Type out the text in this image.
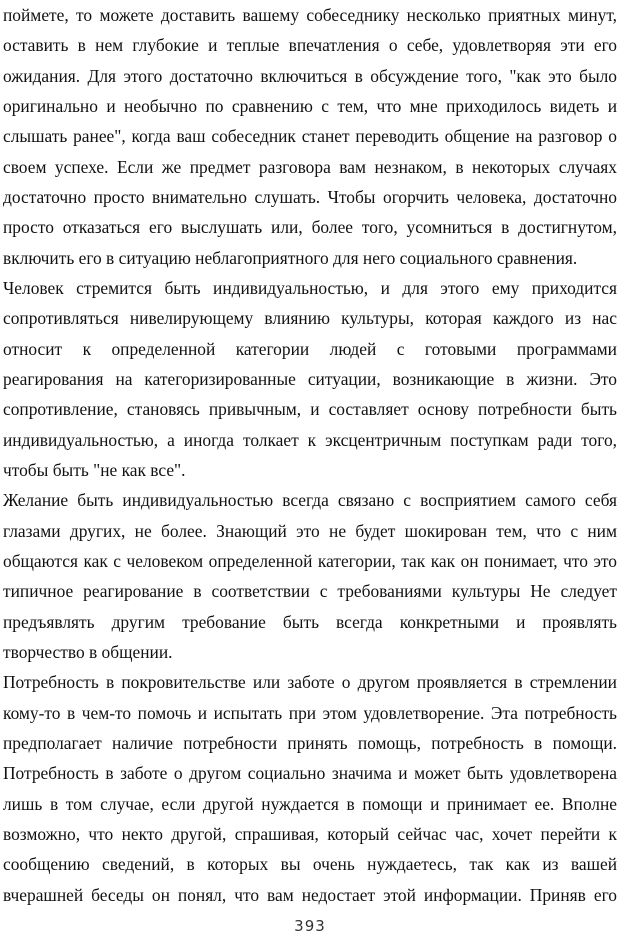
поймете, то можете доставить вашему собеседнику несколько приятных минут,
оставить в нем глубокие и теплые впечатления о себе, удовлетворяя эти его
ожидания. Для этого достаточно включиться в обсуждение того, "как это было
оригинально и необычно по сравнению с тем, что мне приходилось видеть и
слышать ранее", когда ваш собеседник станет переводить общение на разговор о
своем успехе. Если же предмет разговора вам незнаком, в некоторых случаях
достаточно просто внимательно слушать. Чтобы огорчить человека, достаточно
просто отказаться его выслушать или, более того, усомниться в достигнутом,
включить его в ситуацию неблагоприятного для него социального сравнения.
Человек стремится быть индивидуальностью, и для этого ему приходится
сопротивляться нивелирующему влиянию культуры, которая каждого из нас
относит к определенной категории людей с готовыми программами
реагирования на категоризированные ситуации, возникающие в жизни. Это
сопротивление, становясь привычным, и составляет основу потребности быть
индивидуальностью, а иногда толкает к эксцентричным поступкам ради того,
чтобы быть "не как все".
Желание быть индивидуальностью всегда связано с восприятием самого себя
глазами других, не более. Знающий это не будет шокирован тем, что с ним
общаются как с человеком определенной категории, так как он понимает, что это
типичное реагирование в соответствии с требованиями культуры Не следует
предъявлять другим требование быть всегда конкретными и проявлять
творчество в общении.
Потребность в покровительстве или заботе о другом проявляется в стремлении
кому-то в чем-то помочь и испытать при этом удовлетворение. Эта потребность
предполагает наличие потребности принять помощь, потребность в помощи.
Потребность в заботе о другом социально значима и может быть удовлетворена
лишь в том случае, если другой нуждается в помощи и принимает ее. Вполне
возможно, что некто другой, спрашивая, который сейчас час, хочет перейти к
сообщению сведений, в которых вы очень нуждаетесь, так как из вашей
вчерашней беседы он понял, что вам недостает этой информации. Приняв его
393
